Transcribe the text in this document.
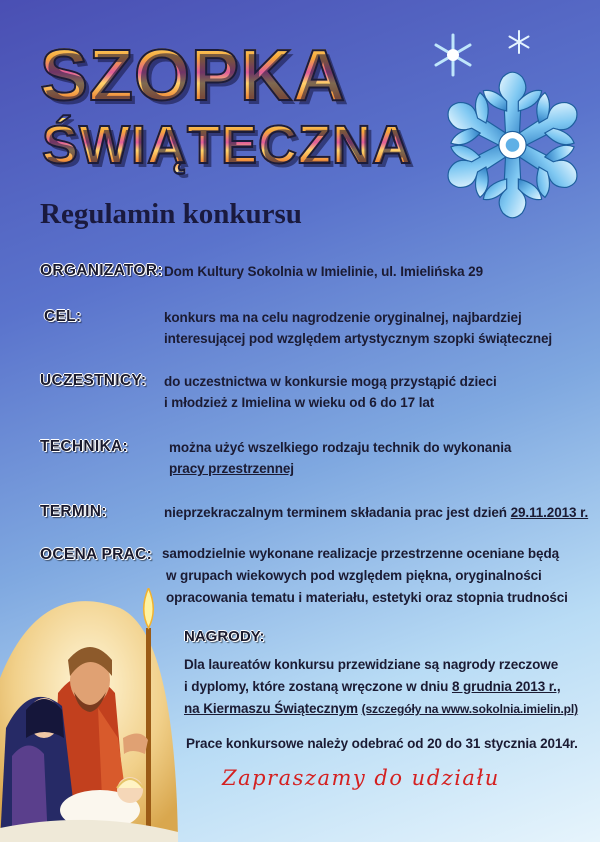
SZOPKA
ŚWIĄTECZNA
Regulamin konkursu
ORGANIZATOR: Dom Kultury Sokolnia w Imielinie, ul. Imielińska 29
CEL:	konkurs ma na celu nagrodzenie oryginalnej, najbardziej
interesującej pod względem artystycznym szopki świątecznej
UCZESTNICY: do uczestnictwa w konkursie mogą przystąpić dzieci
i młodzież z Imielina w wieku od 6 do 17 lat
TECHNIKA:	można użyć wszelkiego rodzaju technik do wykonania
pracy przestrzennej
TERMIN:	nieprzekraczalnym terminem składania prac jest dzień 29.11.2013 r.
OCENA PRAC: samodzielnie wykonane realizacje przestrzenne oceniane będą
w grupach wiekowych pod względem piękna, oryginalności
opracowania tematu i materiału, estetyki oraz stopnia trudności
NAGRODY:
Dla laureatów konkursu przewidziane są nagrody rzeczowe
i dyplomy, które zostaną wręczone w dniu 8 grudnia 2013 r.,
na Kiermaszu Świątecznym (szczegóły na www.sokolnia.imielin.pl)
Prace konkursowe należy odebrać od 20 do 31 stycznia 2014r.
Zapraszamy do udziału
